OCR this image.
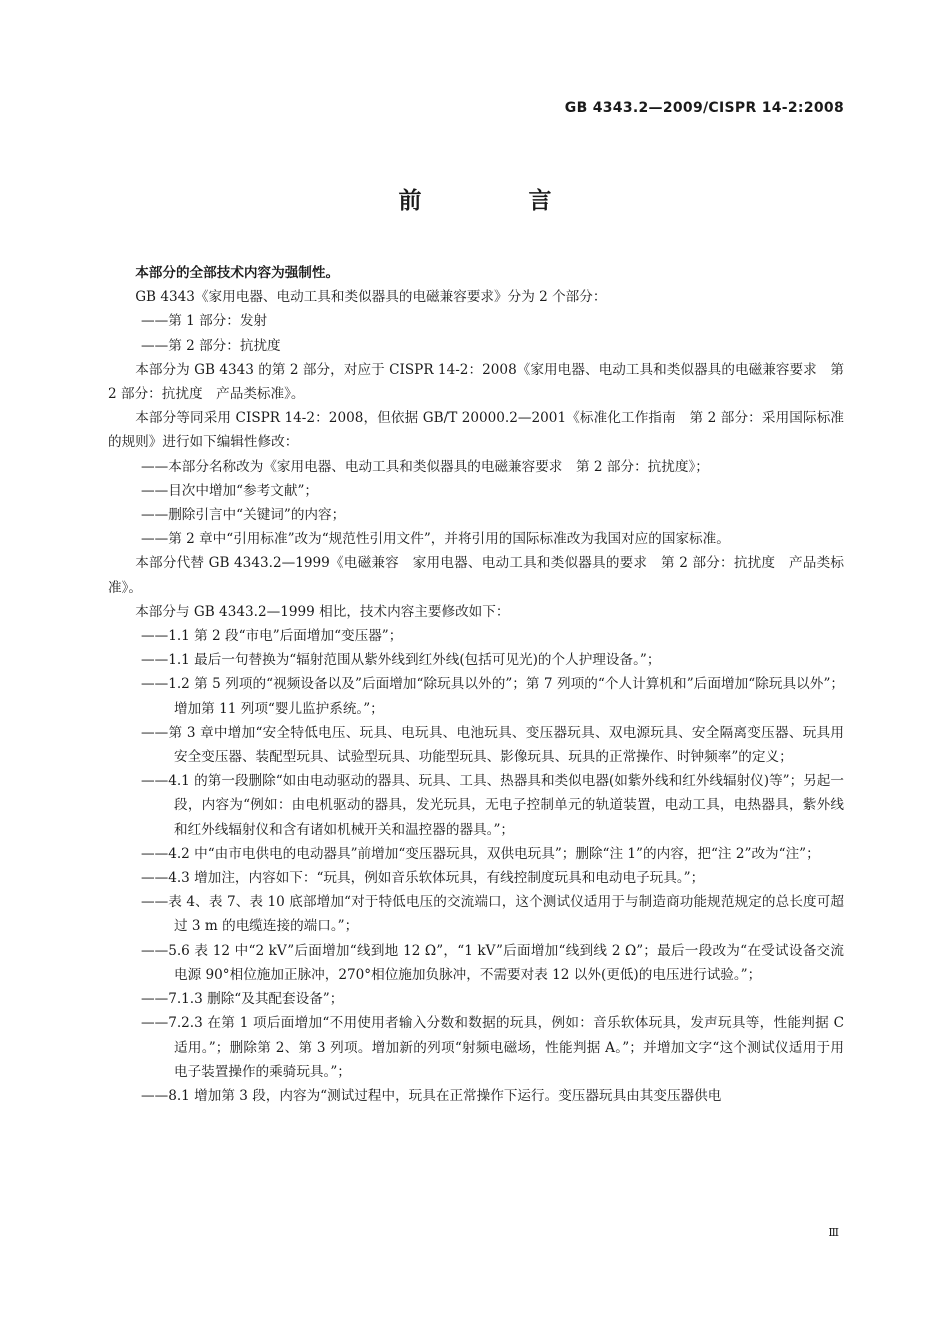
GB 4343.2—2009/CISPR 14-2:2008
前　言

本部分的全部技术内容为强制性。

GB 4343《家用电器、电动工具和类似器具的电磁兼容要求》分为 2 个部分：

——第 1 部分：发射

——第 2 部分：抗扰度

本部分为 GB 4343 的第 2 部分，对应于 CISPR 14-2：2008《家用电器、电动工具和类似器具的电磁兼容要求　第 2 部分：抗扰度　产品类标准》。

本部分等同采用 CISPR 14-2：2008，但依据 GB/T 20000.2—2001《标准化工作指南　第 2 部分：采用国际标准的规则》进行如下编辑性修改：

——本部分名称改为《家用电器、电动工具和类似器具的电磁兼容要求　第 2 部分：抗扰度》；

——目次中增加“参考文献”；

——删除引言中“关键词”的内容；

——第 2 章中“引用标准”改为“规范性引用文件”，并将引用的国际标准改为我国对应的国家标准。

本部分代替 GB 4343.2—1999《电磁兼容　家用电器、电动工具和类似器具的要求　第 2 部分：抗扰度　产品类标准》。

本部分与 GB 4343.2—1999 相比，技术内容主要修改如下：

——1.1 第 2 段“市电”后面增加“变压器”；

——1.1 最后一句替换为“辐射范围从紫外线到红外线(包括可见光)的个人护理设备。”；

——1.2 第 5 列项的“视频设备以及”后面增加“除玩具以外的”；第 7 列项的“个人计算机和”后面增加“除玩具以外”；增加第 11 列项“婴儿监护系统。”；

——第 3 章中增加“安全特低电压、玩具、电玩具、电池玩具、变压器玩具、双电源玩具、安全隔离变压器、玩具用安全变压器、装配型玩具、试验型玩具、功能型玩具、影像玩具、玩具的正常操作、时钟频率”的定义；

——4.1 的第一段删除“如由电动驱动的器具、玩具、工具、热器具和类似电器(如紫外线和红外线辐射仪)等”；另起一段，内容为“例如：由电机驱动的器具，发光玩具，无电子控制单元的轨道装置，电动工具，电热器具，紫外线和红外线辐射仪和含有诸如机械开关和温控器的器具。”；

——4.2 中“由市电供电的电动器具”前增加“变压器玩具，双供电玩具”；删除“注 1”的内容，把“注 2”改为“注”；

——4.3 增加注，内容如下：“玩具，例如音乐软体玩具，有线控制度玩具和电动电子玩具。”；

——表 4、表 7、表 10 底部增加“对于特低电压的交流端口，这个测试仪适用于与制造商功能规范规定的总长度可超过 3 m 的电缆连接的端口。”；

——5.6 表 12 中“2 kV”后面增加“线到地 12 Ω”，“1 kV”后面增加“线到线 2 Ω”；最后一段改为“在受试设备交流电源 90°相位施加正脉冲，270°相位施加负脉冲，不需要对表 12 以外(更低)的电压进行试验。”；

——7.1.3 删除“及其配套设备”；

——7.2.3 在第 1 项后面增加“不用使用者输入分数和数据的玩具，例如：音乐软体玩具，发声玩具等，性能判据 C 适用。”；删除第 2、第 3 列项。增加新的列项“射频电磁场，性能判据 A。”；并增加文字“这个测试仪适用于用电子装置操作的乘骑玩具。”；

——8.1 增加第 3 段，内容为“测试过程中，玩具在正常操作下运行。变压器玩具由其变压器供电

Ⅲ
